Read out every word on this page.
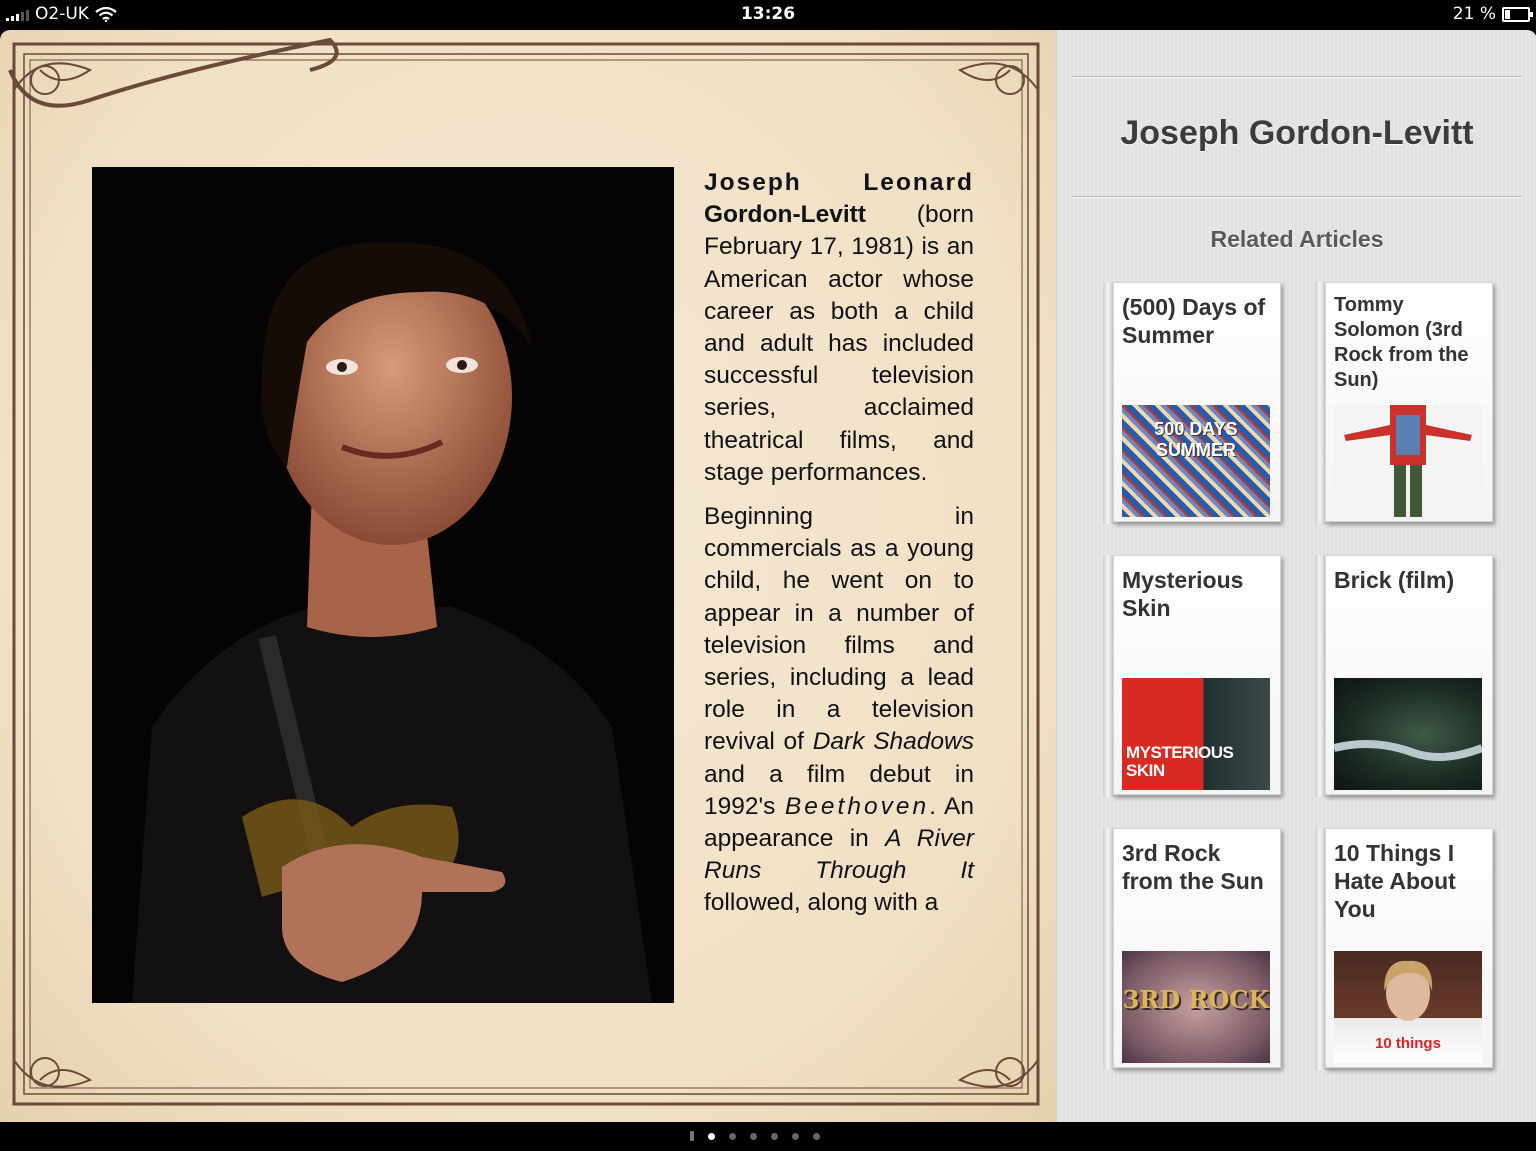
O2-UK	13:26	21 %

Joseph Leonard Gordon-Levitt (born February 17, 1981) is an American actor whose career as both a child and adult has included successful television series, acclaimed theatrical films, and stage performances.

Beginning in commercials as a young child, he went on to appear in a number of television films and series, including a lead role in a television revival of Dark Shadows and a film debut in 1992's Beethoven. An appearance in A River Runs Through It followed, along with a

Joseph Gordon-Levitt
Related Articles
(500) Days of Summer
500 DAYS SUMMER
Tommy Solomon (3rd Rock from the Sun)
Mysterious Skin
MYSTERIOUS SKIN
Brick (film)
3rd Rock from the Sun
3RD ROCK
10 Things I Hate About You
10 things
